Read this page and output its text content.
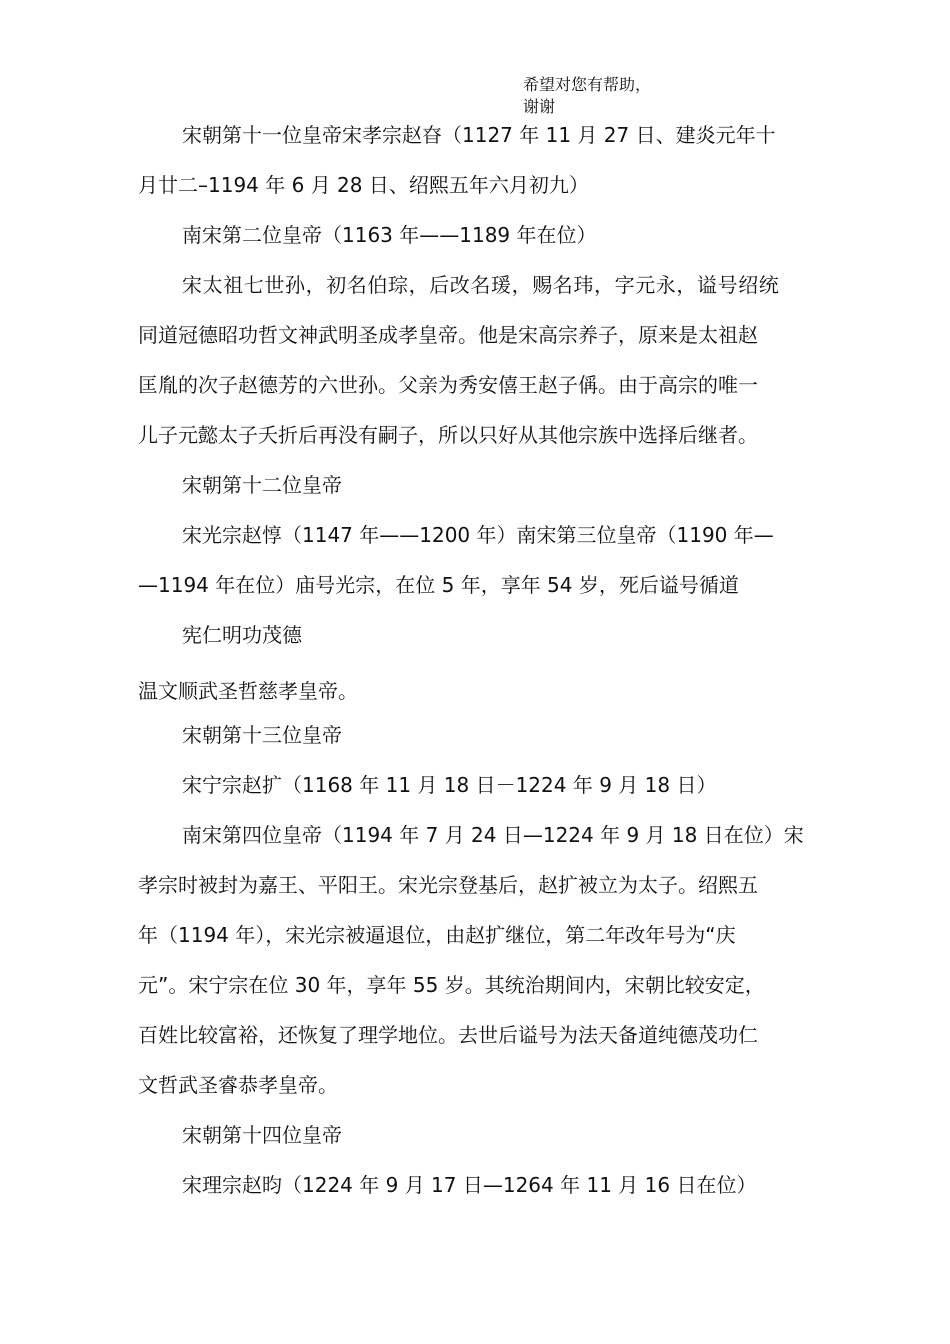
希望对您有帮助，
谢谢

宋朝第十一位皇帝宋孝宗赵昚（1127 年 11 月 27 日、建炎元年十

月廿二–1194 年 6 月 28 日、绍熙五年六月初九）

南宋第二位皇帝（1163 年——1189 年在位）

宋太祖七世孙，初名伯琮，后改名瑗，赐名玮，字元永，谥号绍统

同道冠德昭功哲文神武明圣成孝皇帝。他是宋高宗养子，原来是太祖赵

匡胤的次子赵德芳的六世孙。父亲为秀安僖王赵子偁。由于高宗的唯一

儿子元懿太子夭折后再没有嗣子，所以只好从其他宗族中选择后继者。

宋朝第十二位皇帝

宋光宗赵惇（1147 年——1200 年）南宋第三位皇帝（1190 年—

—1194 年在位）庙号光宗，在位 5 年，享年 54 岁，死后谥号循道

宪仁明功茂德

温文顺武圣哲慈孝皇帝。

宋朝第十三位皇帝

宋宁宗赵扩（1168 年 11 月 18 日－1224 年 9 月 18 日）

南宋第四位皇帝（1194 年 7 月 24 日—1224 年 9 月 18 日在位）宋

孝宗时被封为嘉王、平阳王。宋光宗登基后，赵扩被立为太子。绍熙五

年（1194 年），宋光宗被逼退位，由赵扩继位，第二年改年号为“庆

元”。宋宁宗在位 30 年，享年 55 岁。其统治期间内，宋朝比较安定，

百姓比较富裕，还恢复了理学地位。去世后谥号为法天备道纯德茂功仁

文哲武圣睿恭孝皇帝。

宋朝第十四位皇帝

宋理宗赵昀（1224 年 9 月 17 日—1264 年 11 月 16 日在位）
